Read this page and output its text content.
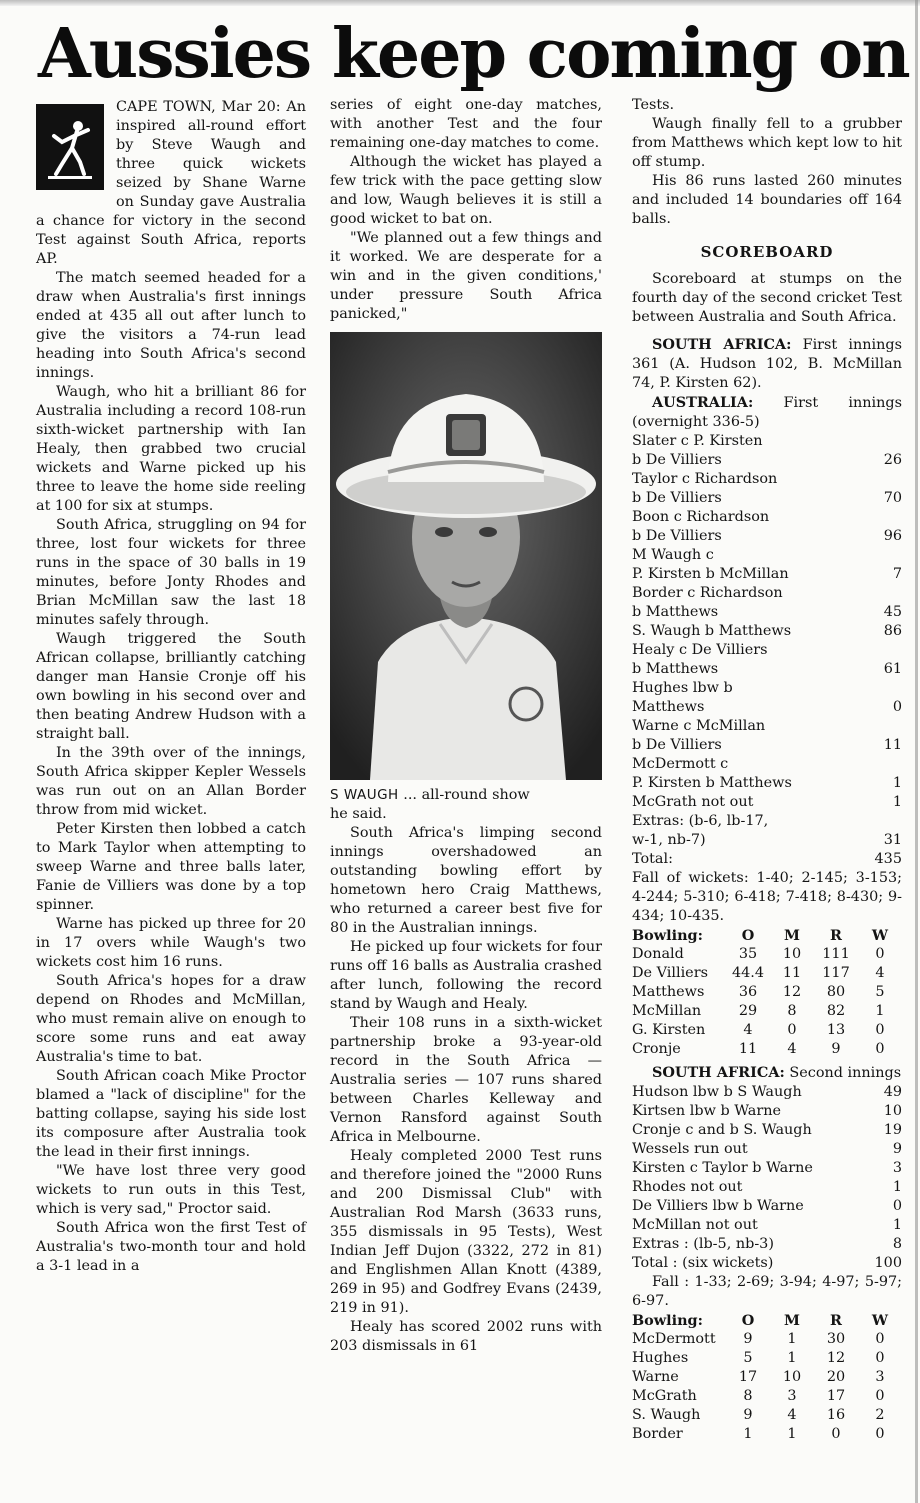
Aussies keep coming on

CAPE TOWN, Mar 20: An inspired all-round effort by Steve Waugh and three quick wickets seized by Shane Warne on Sunday gave Australia a chance for victory in the second Test against South Africa, reports AP.

The match seemed headed for a draw when Australia's first innings ended at 435 all out after lunch to give the visitors a 74-run lead heading into South Africa's second innings.

Waugh, who hit a brilliant 86 for Australia including a record 108-run sixth-wicket partnership with Ian Healy, then grabbed two crucial wickets and Warne picked up his three to leave the home side reeling at 100 for six at stumps.

South Africa, struggling on 94 for three, lost four wickets for three runs in the space of 30 balls in 19 minutes, before Jonty Rhodes and Brian McMillan saw the last 18 minutes safely through.

Waugh triggered the South African collapse, brilliantly catching danger man Hansie Cronje off his own bowling in his second over and then beating Andrew Hudson with a straight ball.

In the 39th over of the innings, South Africa skipper Kepler Wessels was run out on an Allan Border throw from mid wicket.

Peter Kirsten then lobbed a catch to Mark Taylor when attempting to sweep Warne and three balls later, Fanie de Villiers was done by a top spinner.

Warne has picked up three for 20 in 17 overs while Waugh's two wickets cost him 16 runs.

South Africa's hopes for a draw depend on Rhodes and McMillan, who must remain alive on enough to score some runs and eat away Australia's time to bat.

South African coach Mike Proctor blamed a "lack of discipline" for the batting collapse, saying his side lost its composure after Australia took the lead in their first innings.

"We have lost three very good wickets to run outs in this Test, which is very sad," Proctor said.

South Africa won the first Test of Australia's two-month tour and hold a 3-1 lead in a

series of eight one-day matches, with another Test and the four remaining one-day matches to come.

Although the wicket has played a few trick with the pace getting slow and low, Waugh believes it is still a good wicket to bat on.

"We planned out a few things and it worked. We are desperate for a win and in the given conditions,' under pressure South Africa panicked,"

S WAUGH ... all-round show

he said.

South Africa's limping second innings overshadowed an outstanding bowling effort by hometown hero Craig Matthews, who returned a career best five for 80 in the Australian innings.

He picked up four wickets for four runs off 16 balls as Australia crashed after lunch, following the record stand by Waugh and Healy.

Their 108 runs in a sixth-wicket partnership broke a 93-year-old record in the South Africa — Australia series — 107 runs shared between Charles Kelleway and Vernon Ransford against South Africa in Melbourne.

Healy completed 2000 Test runs and therefore joined the "2000 Runs and 200 Dismissal Club" with Australian Rod Marsh (3633 runs, 355 dismissals in 95 Tests), West Indian Jeff Dujon (3322, 272 in 81) and Englishmen Allan Knott (4389, 269 in 95) and Godfrey Evans (2439, 219 in 91).

Healy has scored 2002 runs with 203 dismissals in 61

Tests.

Waugh finally fell to a grubber from Matthews which kept low to hit off stump.

His 86 runs lasted 260 minutes and included 14 boundaries off 164 balls.

SCOREBOARD

Scoreboard at stumps on the fourth day of the second cricket Test between Australia and South Africa.

SOUTH AFRICA: First innings 361 (A. Hudson 102, B. McMillan 74, P. Kirsten 62).

AUSTRALIA: First innings (overnight 336-5)

Slater c P. Kirsten
b De Villiers	26
Taylor c Richardson
b De Villiers	70
Boon c Richardson
b De Villiers	96
M Waugh c
P. Kirsten b McMillan	7
Border c Richardson
b Matthews	45
S. Waugh b Matthews	86
Healy c De Villiers
b Matthews	61
Hughes lbw b
Matthews	0
Warne c McMillan
b De Villiers	11
McDermott c
P. Kirsten b Matthews	1
McGrath not out	1
Extras: (b-6, lb-17,
w-1, nb-7)	31
Total:	435

Fall of wickets: 1-40; 2-145; 3-153; 4-244; 5-310; 6-418; 7-418; 8-430; 9-434; 10-435.

Bowling:	O	M	R	W
Donald	35	10	111	0
De Villiers	44.4	11	117	4
Matthews	36	12	80	5
McMillan	29	8	82	1
G. Kirsten	4	0	13	0
Cronje	11	4	9	0

SOUTH AFRICA: Second innings

Hudson lbw b S Waugh	49
Kirtsen lbw b Warne	10
Cronje c and b S. Waugh	19
Wessels run out	9
Kirsten c Taylor b Warne	3
Rhodes not out	1
De Villiers lbw b Warne	0
McMillan not out	1
Extras : (lb-5, nb-3)	8
Total : (six wickets)	100

Fall : 1-33; 2-69; 3-94; 4-97; 5-97; 6-97.

Bowling:	O	M	R	W
McDermott	9	1	30	0
Hughes	5	1	12	0
Warne	17	10	20	3
McGrath	8	3	17	0
S. Waugh	9	4	16	2
Border	1	1	0	0
